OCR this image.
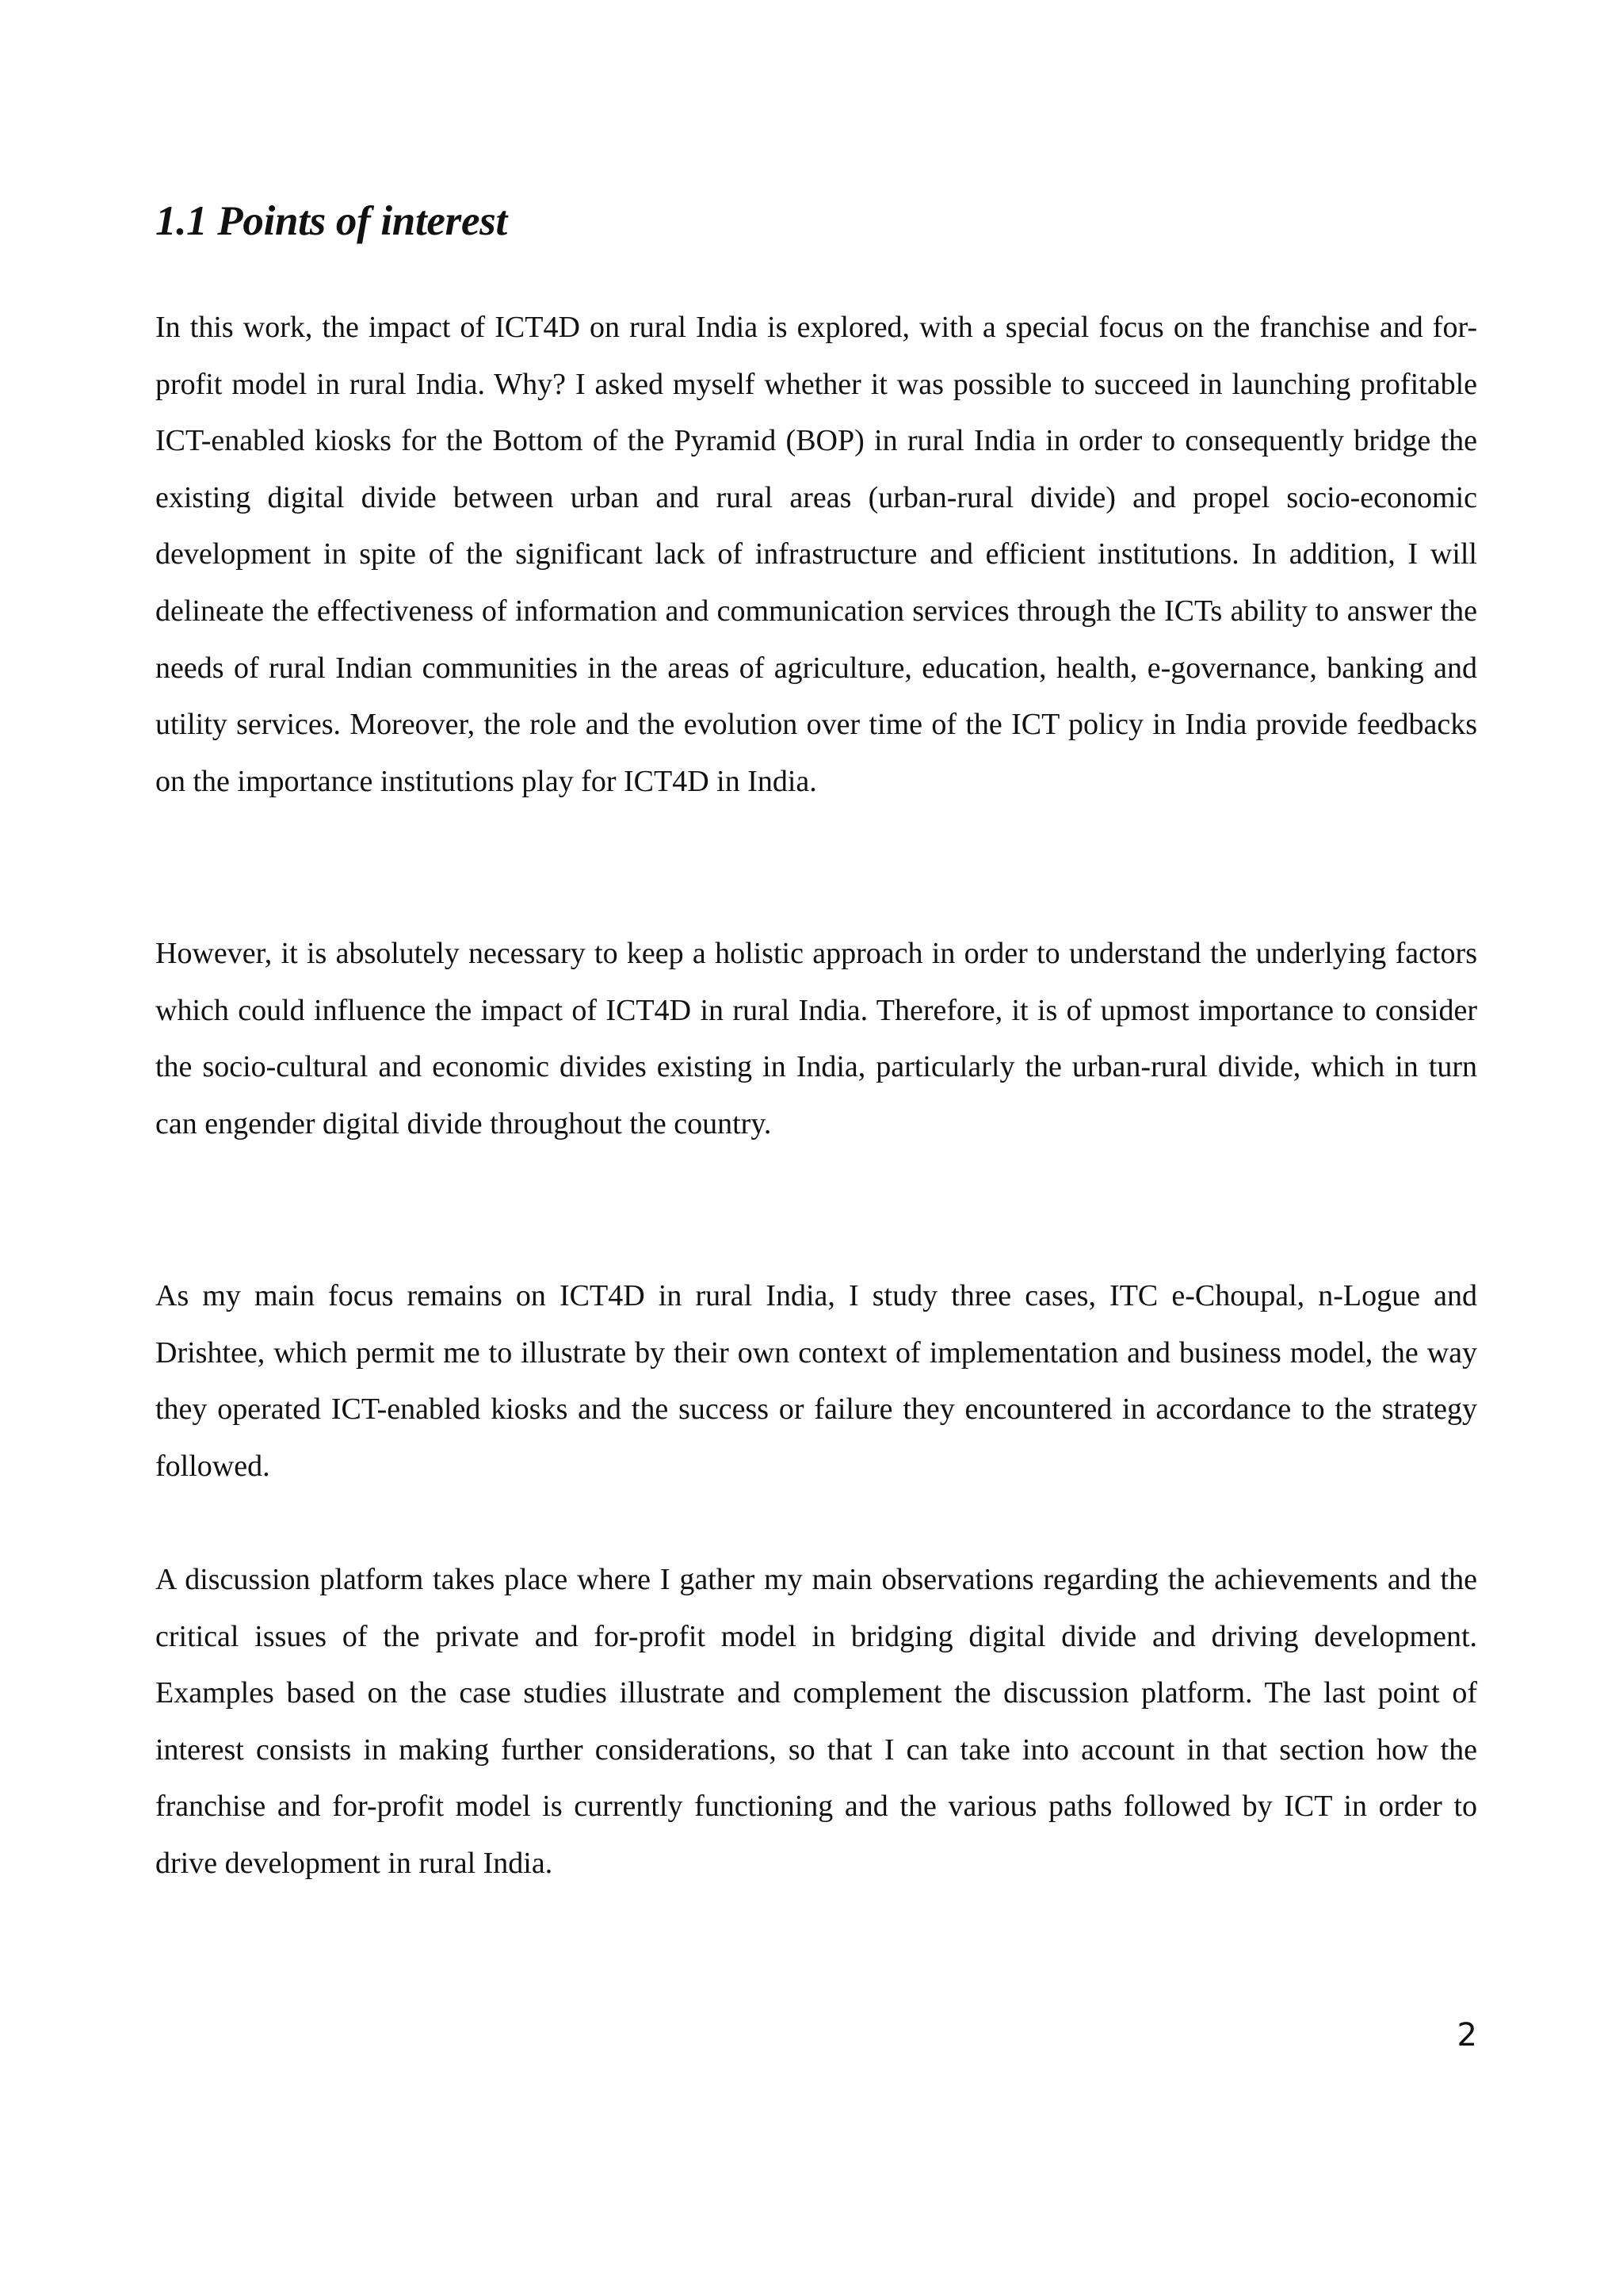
1.1 Points of interest

In this work, the impact of ICT4D on rural India is explored, with a special focus on the franchise and for-profit model in rural India. Why? I asked myself whether it was possible to succeed in launching profitable ICT-enabled kiosks for the Bottom of the Pyramid (BOP) in rural India in order to consequently bridge the existing digital divide between urban and rural areas (urban-rural divide) and propel socio-economic development in spite of the significant lack of infrastructure and efficient institutions. In addition, I will delineate the effectiveness of information and communication services through the ICTs ability to answer the needs of rural Indian communities in the areas of agriculture, education, health, e-governance, banking and utility services. Moreover, the role and the evolution over time of the ICT policy in India provide feedbacks on the importance institutions play for ICT4D in India.

However, it is absolutely necessary to keep a holistic approach in order to understand the underlying factors which could influence the impact of ICT4D in rural India. Therefore, it is of upmost importance to consider the socio-cultural and economic divides existing in India, particularly the urban-rural divide, which in turn can engender digital divide throughout the country.

As my main focus remains on ICT4D in rural India, I study three cases, ITC e-Choupal, n-Logue and Drishtee, which permit me to illustrate by their own context of implementation and business model, the way they operated ICT-enabled kiosks and the success or failure they encountered in accordance to the strategy followed.

A discussion platform takes place where I gather my main observations regarding the achievements and the critical issues of the private and for-profit model in bridging digital divide and driving development. Examples based on the case studies illustrate and complement the discussion platform. The last point of interest consists in making further considerations, so that I can take into account in that section how the franchise and for-profit model is currently functioning and the various paths followed by ICT in order to drive development in rural India.

2
